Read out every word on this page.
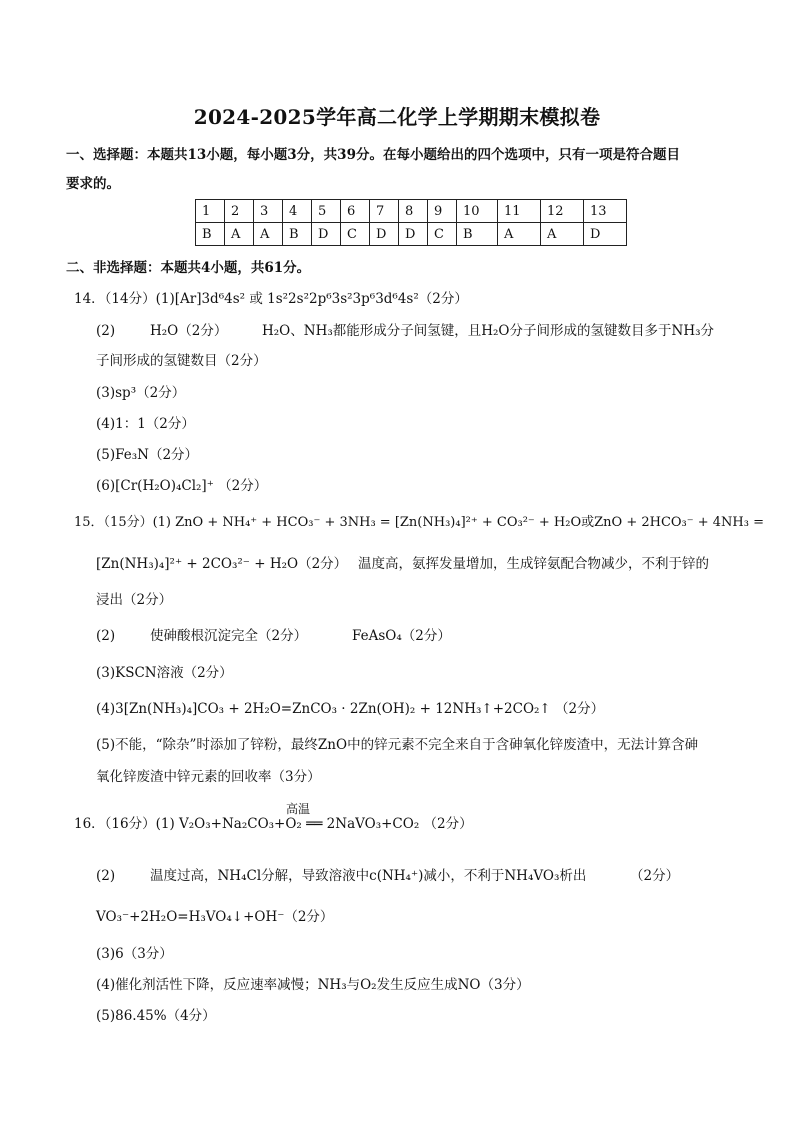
2024-2025学年高二化学上学期期末模拟卷
一、选择题：本题共13小题，每小题3分，共39分。在每小题给出的四个选项中，只有一项是符合题目
要求的。
1	2	3	4	5	6	7	8	9	10	11	12	13
B	A	A	B	D	C	D	D	C	B	A	A	D
二、非选择题：本题共4小题，共61分。
14．（14分）(1)[Ar]3d⁶4s² 或 1s²2s²2p⁶3s²3p⁶3d⁶4s²（2分）
(2)	H₂O（2分）	H₂O、NH₃都能形成分子间氢键，且H₂O分子间形成的氢键数目多于NH₃分
子间形成的氢键数目（2分）
(3)sp³（2分）
(4)1：1（2分）
(5)Fe₃N（2分）
(6)[Cr(H₂O)₄Cl₂]⁺ （2分）
15．（15分）(1) ZnO + NH₄⁺ + HCO₃⁻ + 3NH₃ = [Zn(NH₃)₄]²⁺ + CO₃²⁻ + H₂O或ZnO + 2HCO₃⁻ + 4NH₃ =
[Zn(NH₃)₄]²⁺ + 2CO₃²⁻ + H₂O（2分） 温度高，氨挥发量增加，生成锌氨配合物减少，不利于锌的
浸出（2分）
(2)	使砷酸根沉淀完全（2分）	FeAsO₄（2分）
(3)KSCN溶液（2分）
(4)3[Zn(NH₃)₄]CO₃ + 2H₂O=ZnCO₃ · 2Zn(OH)₂ + 12NH₃↑+2CO₂↑ （2分）
(5)不能，“除杂”时添加了锌粉，最终ZnO中的锌元素不完全来自于含砷氧化锌废渣中，无法计算含砷
氧化锌废渣中锌元素的回收率（3分）
高温
16．（16分）(1) V₂O₃+Na₂CO₃+O₂ ══ 2NaVO₃+CO₂ （2分）
(2)	温度过高，NH₄Cl分解，导致溶液中c(NH₄⁺)减小，不利于NH₄VO₃析出	（2分）
VO₃⁻+2H₂O=H₃VO₄↓+OH⁻（2分）
(3)6（3分）
(4)催化剂活性下降，反应速率减慢；NH₃与O₂发生反应生成NO（3分）
(5)86.45%（4分）
